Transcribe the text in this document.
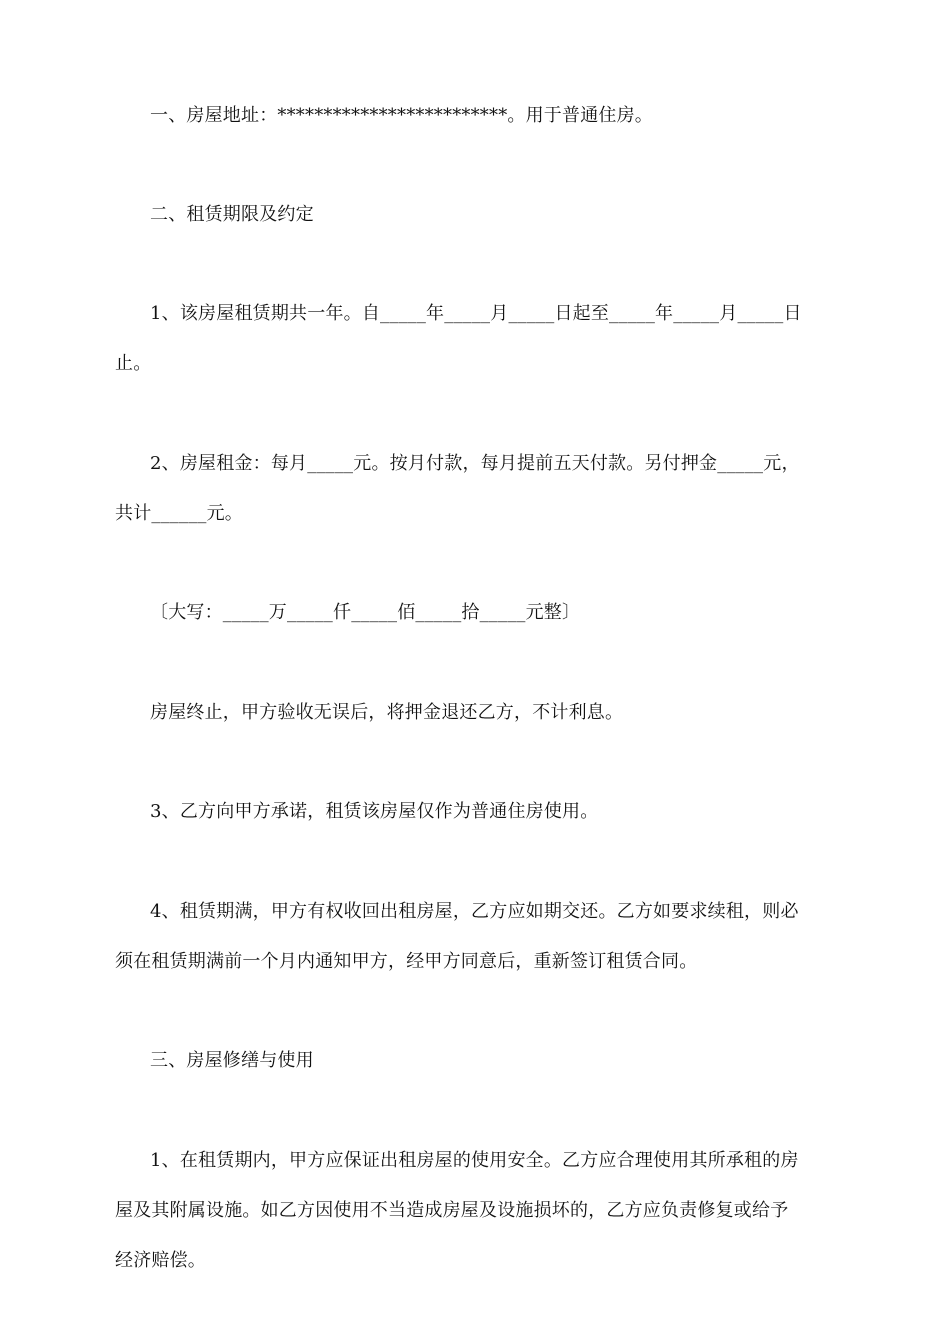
一、房屋地址：*************************。用于普通住房。
二、租赁期限及约定
1、该房屋租赁期共一年。自_____年_____月_____日起至_____年_____月_____日
止。
2、房屋租金：每月_____元。按月付款，每月提前五天付款。另付押金_____元，
共计______元。
〔大写：_____万_____仟_____佰_____拾_____元整〕
房屋终止，甲方验收无误后，将押金退还乙方，不计利息。
3、乙方向甲方承诺，租赁该房屋仅作为普通住房使用。
4、租赁期满，甲方有权收回出租房屋，乙方应如期交还。乙方如要求续租，则必
须在租赁期满前一个月内通知甲方，经甲方同意后，重新签订租赁合同。
三、房屋修缮与使用
1、在租赁期内，甲方应保证出租房屋的使用安全。乙方应合理使用其所承租的房
屋及其附属设施。如乙方因使用不当造成房屋及设施损坏的，乙方应负责修复或给予
经济赔偿。
